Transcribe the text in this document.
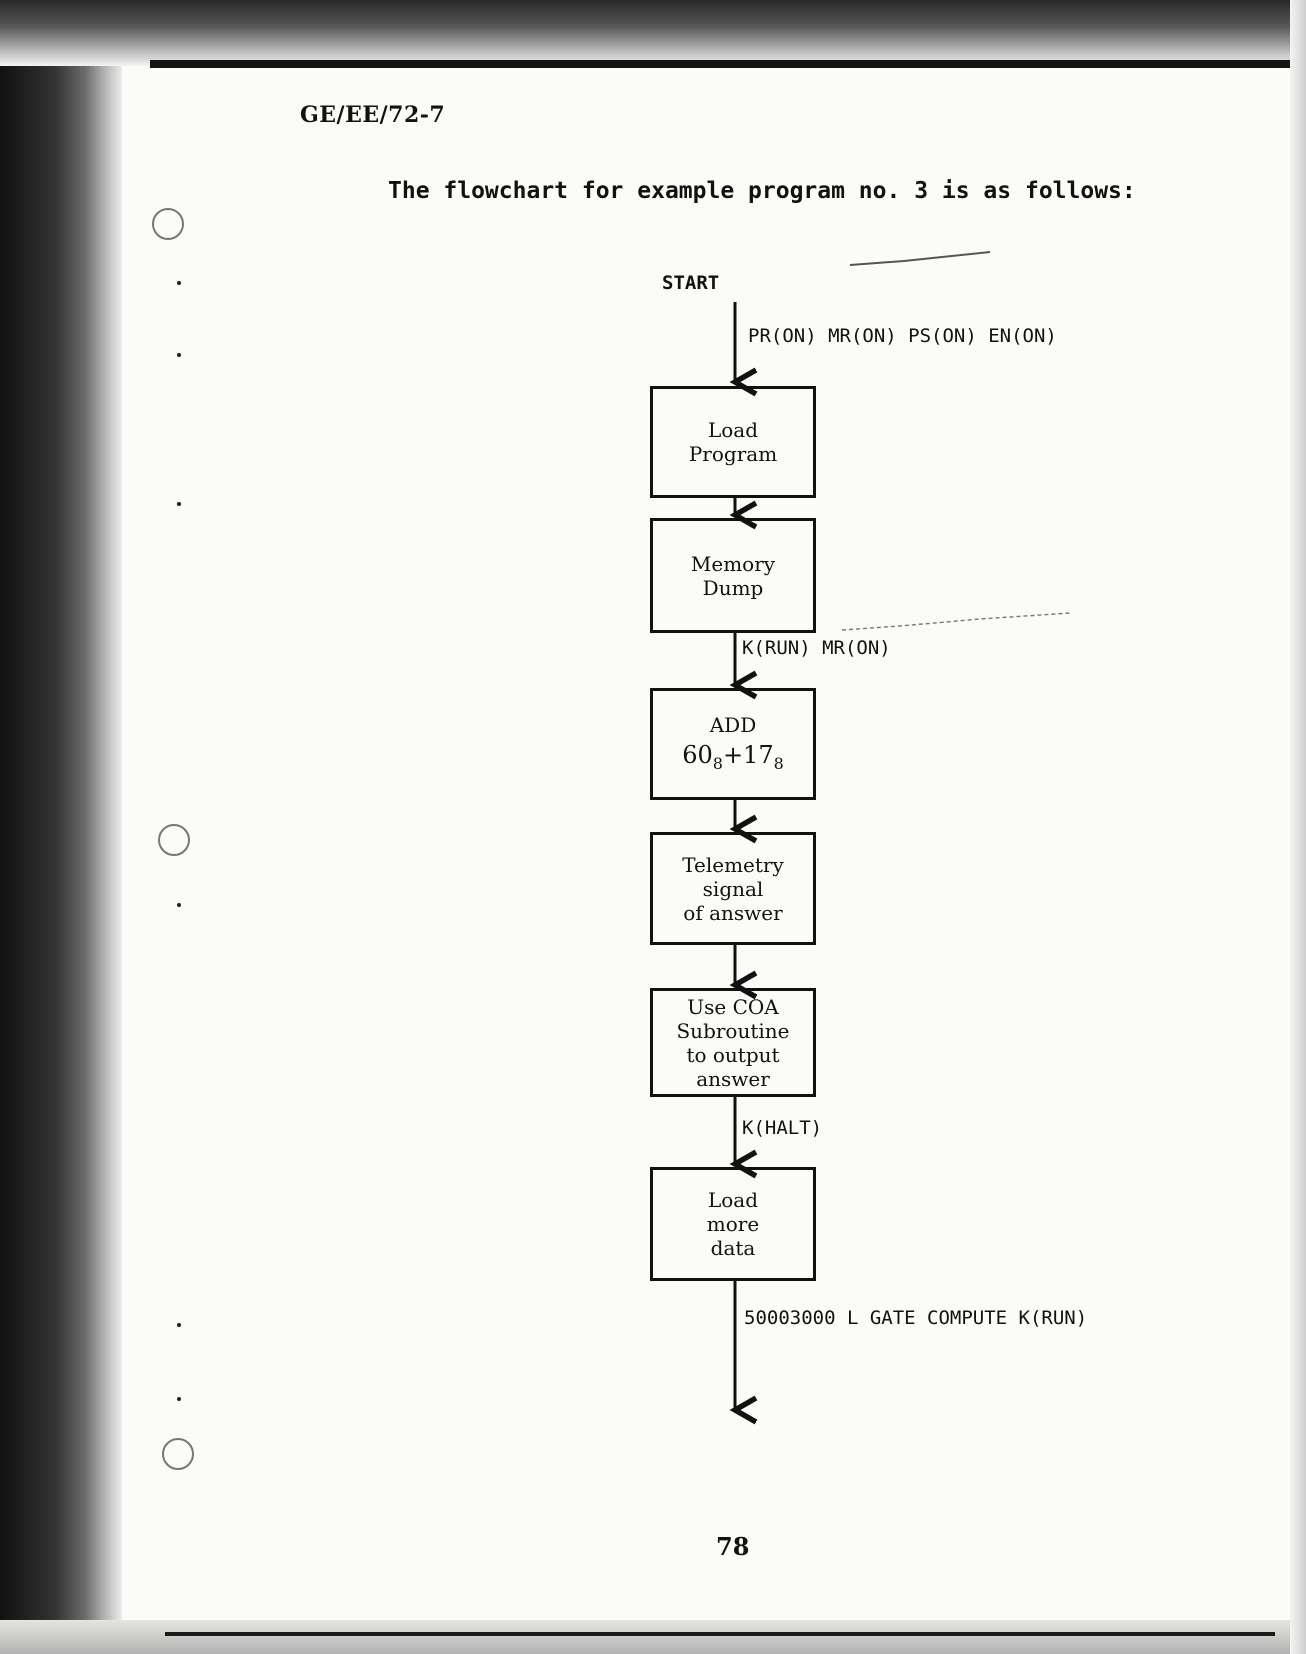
GE/EE/72-7
The flowchart for example program no. 3 is as follows:
START
PR(ON) MR(ON) PS(ON) EN(ON)
Load
Program
Memory
Dump
K(RUN) MR(ON)
ADD
$60_8+17_8$
Telemetry
signal
of answer
Use COA
Subroutine
to output
answer
K(HALT)
Load
more
data
50003000 L GATE COMPUTE K(RUN)
78
